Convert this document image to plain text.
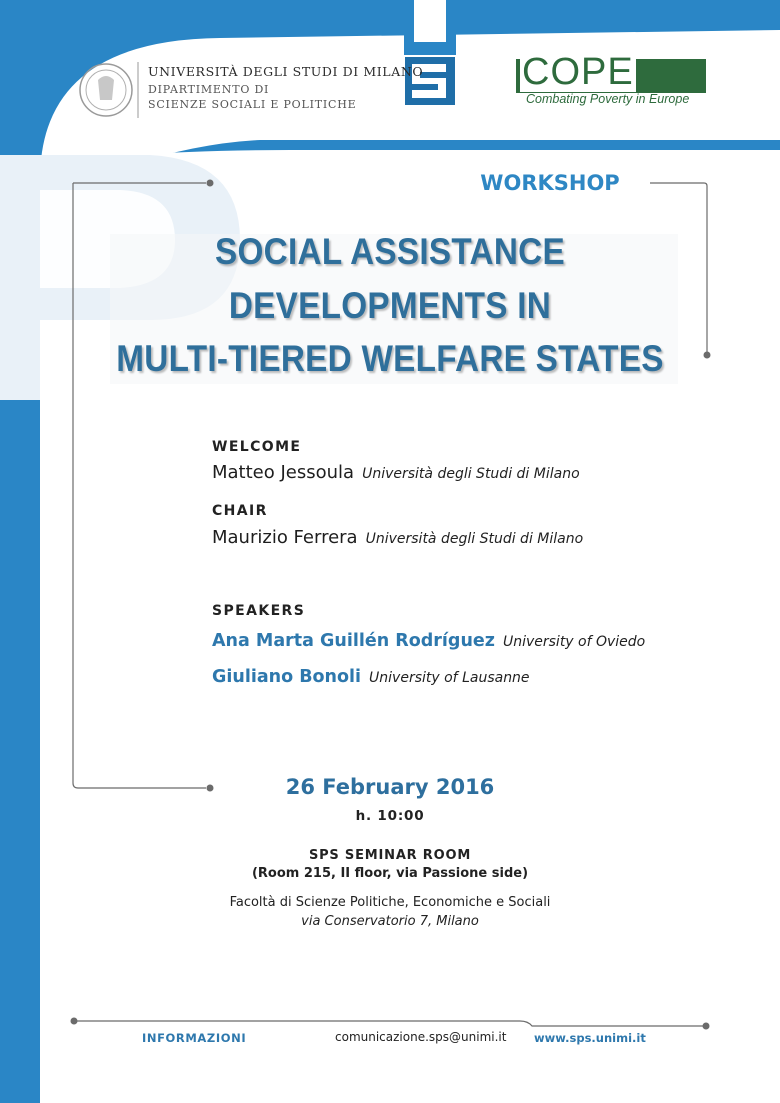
UNIVERSITÀ DEGLI STUDI DI MILANO
DIPARTIMENTO DI
SCIENZE SOCIALI E POLITICHE
COPE
Combating Poverty in Europe
WORKSHOP
SOCIAL ASSISTANCE
DEVELOPMENTS IN
MULTI-TIERED WELFARE STATES
WELCOME
Matteo Jessoula Università degli Studi di Milano
CHAIR
Maurizio Ferrera Università degli Studi di Milano
SPEAKERS
Ana Marta Guillén Rodríguez University of Oviedo
Giuliano Bonoli University of Lausanne
26 February 2016
h. 10:00
SPS SEMINAR ROOM
(Room 215, II floor, via Passione side)
Facoltà di Scienze Politiche, Economiche e Sociali
via Conservatorio 7, Milano
INFORMAZIONI	comunicazione.sps@unimi.it www.sps.unimi.it
